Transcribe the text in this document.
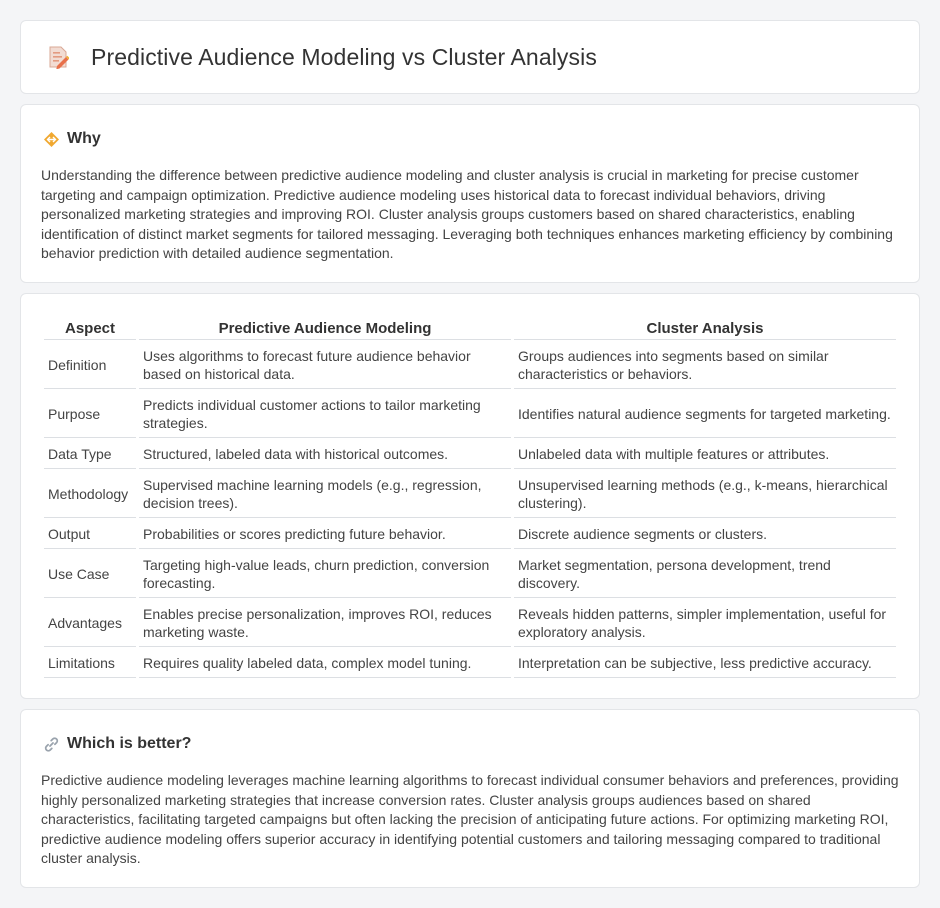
Predictive Audience Modeling vs Cluster Analysis
Why

Understanding the difference between predictive audience modeling and cluster analysis is crucial in marketing for precise customer targeting and campaign optimization. Predictive audience modeling uses historical data to forecast individual behaviors, driving personalized marketing strategies and improving ROI. Cluster analysis groups customers based on shared characteristics, enabling identification of distinct market segments for tailored messaging. Leveraging both techniques enhances marketing efficiency by combining behavior prediction with detailed audience segmentation.

Aspect	Predictive Audience Modeling	Cluster Analysis
Definition	Uses algorithms to forecast future audience behavior based on historical data.	Groups audiences into segments based on similar characteristics or behaviors.
Purpose	Predicts individual customer actions to tailor marketing strategies.	Identifies natural audience segments for targeted marketing.
Data Type	Structured, labeled data with historical outcomes.	Unlabeled data with multiple features or attributes.
Methodology	Supervised machine learning models (e.g., regression, decision trees).	Unsupervised learning methods (e.g., k-means, hierarchical clustering).
Output	Probabilities or scores predicting future behavior.	Discrete audience segments or clusters.
Use Case	Targeting high-value leads, churn prediction, conversion forecasting.	Market segmentation, persona development, trend discovery.
Advantages	Enables precise personalization, improves ROI, reduces marketing waste.	Reveals hidden patterns, simpler implementation, useful for exploratory analysis.
Limitations	Requires quality labeled data, complex model tuning.	Interpretation can be subjective, less predictive accuracy.
Which is better?

Predictive audience modeling leverages machine learning algorithms to forecast individual consumer behaviors and preferences, providing highly personalized marketing strategies that increase conversion rates. Cluster analysis groups audiences based on shared characteristics, facilitating targeted campaigns but often lacking the precision of anticipating future actions. For optimizing marketing ROI, predictive audience modeling offers superior accuracy in identifying potential customers and tailoring messaging compared to traditional cluster analysis.
